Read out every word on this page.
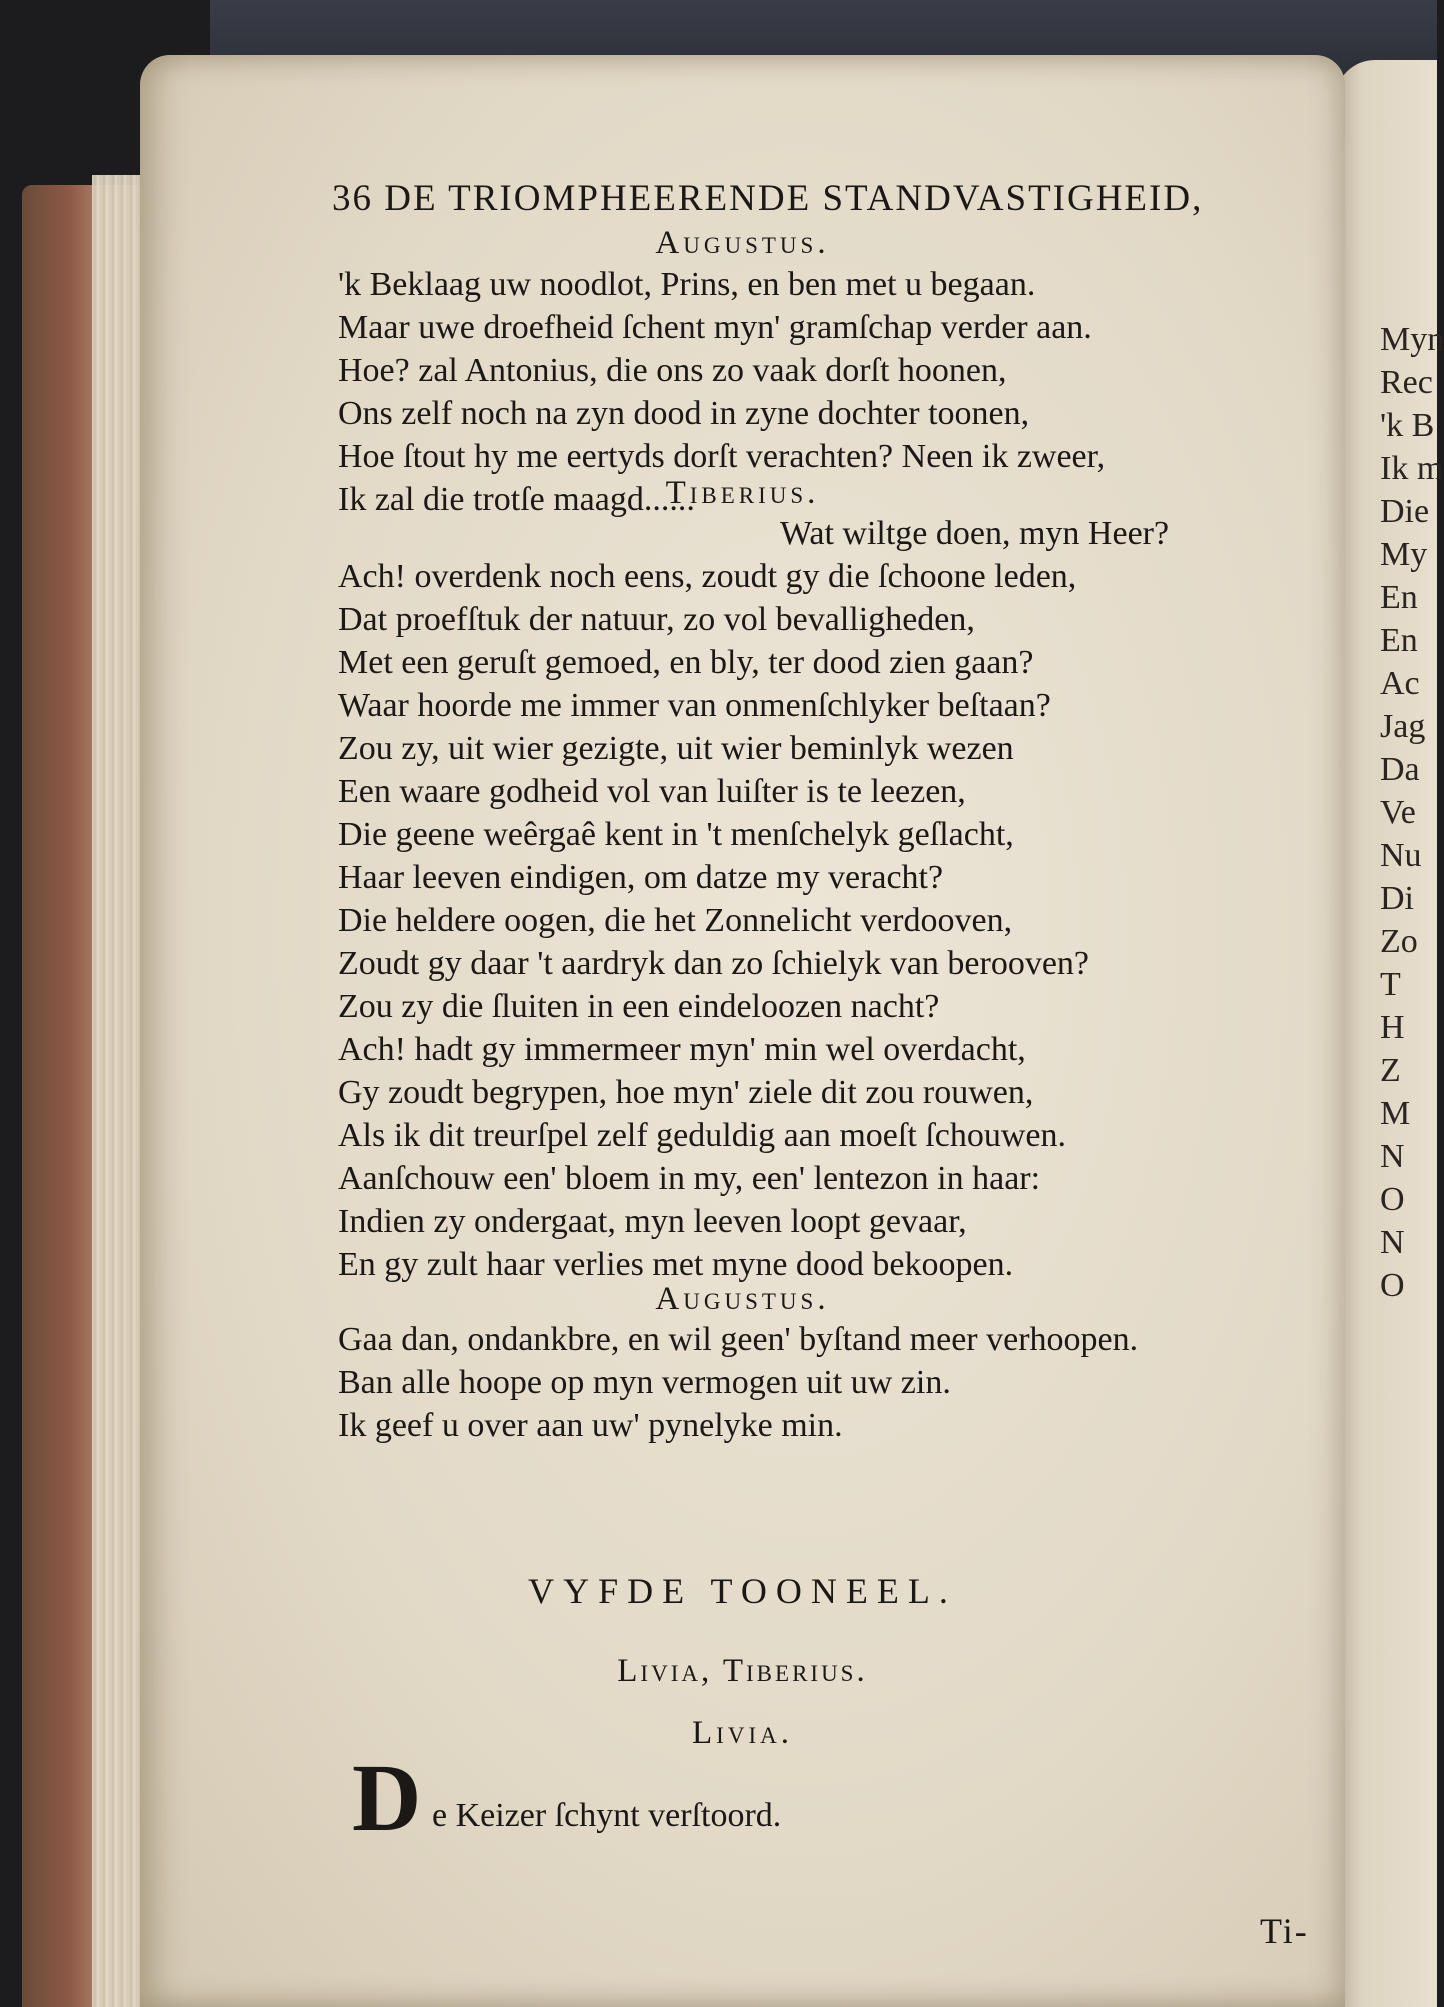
Myn
Rec
'k B
Ik m
Die
My
En
En
Ac
Jag
Da
Ve
Nu
Di
Zo
T
H
Z
M
N
O
N
O
36 DE TRIOMPHEERENDE STANDVASTIGHEID,
Augustus.
'k Beklaag uw noodlot, Prins, en ben met u begaan.
Maar uwe droefheid ſchent myn' gramſchap verder aan.
Hoe? zal Antonius, die ons zo vaak dorſt hoonen,
Ons zelf noch na zyn dood in zyne dochter toonen,
Hoe ſtout hy me eertyds dorſt verachten? Neen ik zweer,
Ik zal die trotſe maagd......
Tiberius.
Wat wiltge doen, myn Heer?
Ach! overdenk noch eens, zoudt gy die ſchoone leden,
Dat proefſtuk der natuur, zo vol bevalligheden,
Met een geruſt gemoed, en bly, ter dood zien gaan?
Waar hoorde me immer van onmenſchlyker beſtaan?
Zou zy, uit wier gezigte, uit wier beminlyk wezen
Een waare godheid vol van luiſter is te leezen,
Die geene weêrgaê kent in 't menſchelyk geſlacht,
Haar leeven eindigen, om datze my veracht?
Die heldere oogen, die het Zonnelicht verdooven,
Zoudt gy daar 't aardryk dan zo ſchielyk van berooven?
Zou zy die ſluiten in een eindeloozen nacht?
Ach! hadt gy immermeer myn' min wel overdacht,
Gy zoudt begrypen, hoe myn' ziele dit zou rouwen,
Als ik dit treurſpel zelf geduldig aan moeſt ſchouwen.
Aanſchouw een' bloem in my, een' lentezon in haar:
Indien zy ondergaat, myn leeven loopt gevaar,
En gy zult haar verlies met myne dood bekoopen.
Augustus.
Gaa dan, ondankbre, en wil geen' byſtand meer verhoopen.
Ban alle hoope op myn vermogen uit uw zin.
Ik geef u over aan uw' pynelyke min.
VYFDE TOONEEL.
Livia, Tiberius.
Livia.
D e Keizer ſchynt verſtoord.
Ti-
